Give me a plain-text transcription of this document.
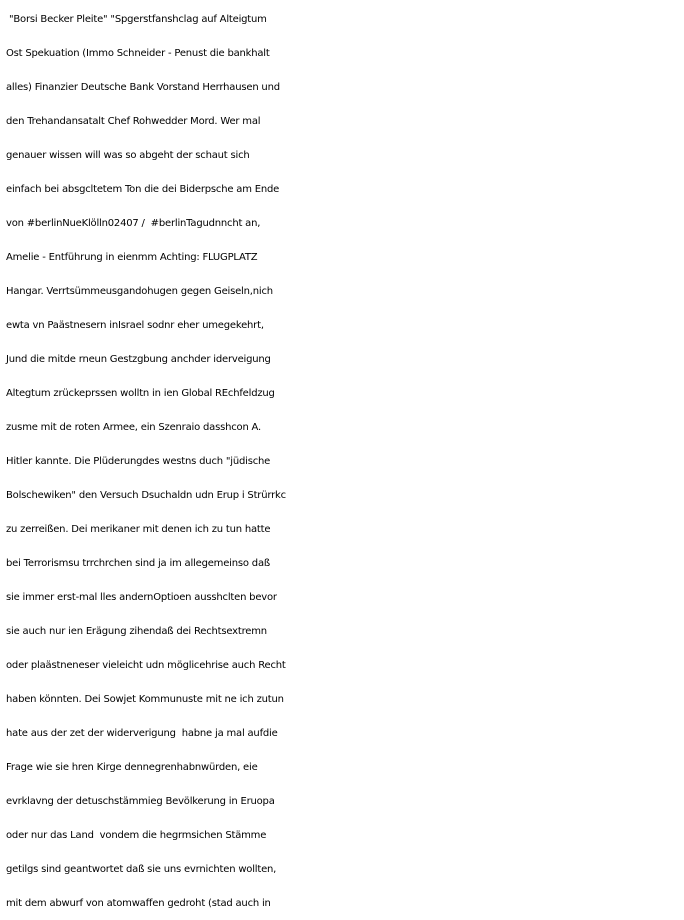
"Borsi Becker Pleite" "Spgerstfanshclag auf Alteigtum
Ost Spekuation (Immo Schneider - Penust die bankhalt
alles) Finanzier Deutsche Bank Vorstand Herrhausen und
den Trehandansatalt Chef Rohwedder Mord. Wer mal
genauer wissen will was so abgeht der schaut sich
einfach bei absgcltetem Ton die dei Biderpsche am Ende
von #berlinNueKlölln02407 /  #berlinTagudnncht an,
Amelie - Entführung in eienmm Achting: FLUGPLATZ
Hangar. Verrtsümmeusgandohugen gegen Geiseln,nich
ewta vn Paästnesern inIsrael sodnr eher umegekehrt,
Jund die mitde rneun Gestzgbung anchder iderveigung
Altegtum zrückeprssen wolltn in ien Global REchfeldzug
zusme mit de roten Armee, ein Szenraio dasshcon A.
Hitler kannte. Die Plüderungdes westns duch "jüdische
Bolschewiken" den Versuch Dsuchaldn udn Erup i Strürrkc
zu zerreißen. Dei merikaner mit denen ich zu tun hatte
bei Terrorismsu trrchrchen sind ja im allegemeinso daß
sie immer erst-mal lles andernOptioen ausshclten bevor
sie auch nur ien Erägung zihendaß dei Rechtsextremn
oder plaästneneser vieleicht udn möglicehrise auch Recht
haben könnten. Dei Sowjet Kommunuste mit ne ich zutun
hate aus der zet der widerverigung  habne ja mal aufdie
Frage wie sie hren Kirge dennegrenhabnwürden, eie
evrklavng der detuschstämmieg Bevölkerung in Eruopa
oder nur das Land  vondem die hegrmsichen Stämme
getilgs sind geantwortet daß sie uns evrnichten wollten,
mit dem abwurf von atomwaffen gedroht (stad auch in
